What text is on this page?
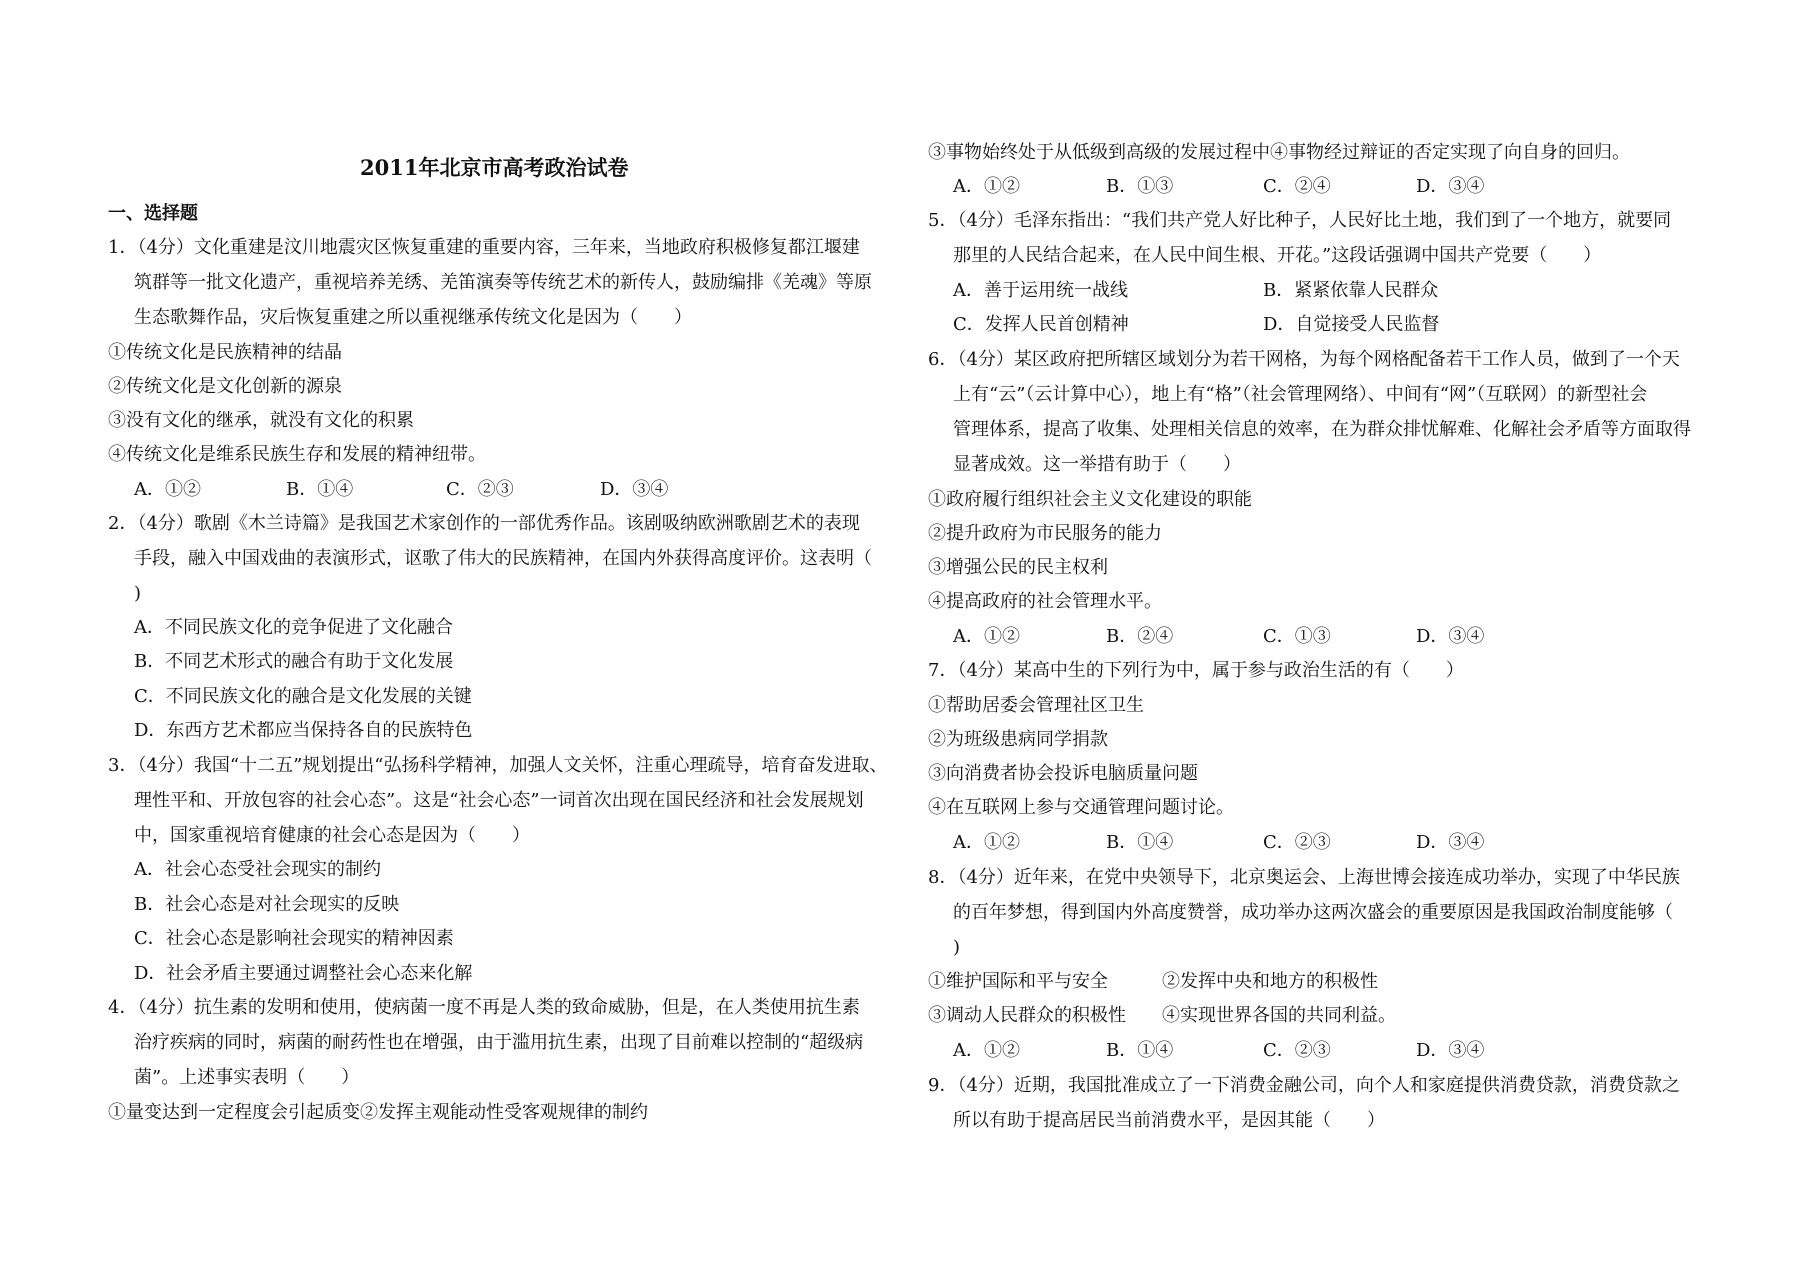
2011年北京市高考政治试卷
一、选择题
1．（4分）文化重建是汶川地震灾区恢复重建的重要内容，三年来，当地政府积极修复都江堰建
筑群等一批文化遗产，重视培养羌绣、羌笛演奏等传统艺术的新传人，鼓励编排《羌魂》等原
生态歌舞作品，灾后恢复重建之所以重视继承传统文化是因为（　　）
①传统文化是民族精神的结晶
②传统文化是文化创新的源泉
③没有文化的继承，就没有文化的积累
④传统文化是维系民族生存和发展的精神纽带。
A．①②	B．①④	C．②③	D．③④
2．（4分）歌剧《木兰诗篇》是我国艺术家创作的一部优秀作品。该剧吸纳欧洲歌剧艺术的表现
手段，融入中国戏曲的表演形式，讴歌了伟大的民族精神，在国内外获得高度评价。这表明（
)
A．不同民族文化的竞争促进了文化融合
B．不同艺术形式的融合有助于文化发展
C．不同民族文化的融合是文化发展的关键
D．东西方艺术都应当保持各自的民族特色
3．（4分）我国“十二五”规划提出“弘扬科学精神，加强人文关怀，注重心理疏导，培育奋发进取、
理性平和、开放包容的社会心态”。这是“社会心态”一词首次出现在国民经济和社会发展规划
中，国家重视培育健康的社会心态是因为（　　）
A．社会心态受社会现实的制约
B．社会心态是对社会现实的反映
C．社会心态是影响社会现实的精神因素
D．社会矛盾主要通过调整社会心态来化解
4．（4分）抗生素的发明和使用，使病菌一度不再是人类的致命威胁，但是，在人类使用抗生素
治疗疾病的同时，病菌的耐药性也在增强，由于滥用抗生素，出现了目前难以控制的“超级病
菌”。上述事实表明（　　）
①量变达到一定程度会引起质变②发挥主观能动性受客观规律的制约
③事物始终处于从低级到高级的发展过程中④事物经过辩证的否定实现了向自身的回归。
A．①②	B．①③	C．②④	D．③④
5．（4分）毛泽东指出：“我们共产党人好比种子，人民好比土地，我们到了一个地方，就要同
那里的人民结合起来，在人民中间生根、开花。”这段话强调中国共产党要（　　）
A．善于运用统一战线	B．紧紧依靠人民群众
C．发挥人民首创精神	D．自觉接受人民监督
6．（4分）某区政府把所辖区域划分为若干网格，为每个网格配备若干工作人员，做到了一个天
上有“云”（云计算中心），地上有“格”（社会管理网络）、中间有“网”（互联网）的新型社会
管理体系，提高了收集、处理相关信息的效率，在为群众排忧解难、化解社会矛盾等方面取得
显著成效。这一举措有助于（　　）
①政府履行组织社会主义文化建设的职能
②提升政府为市民服务的能力
③增强公民的民主权利
④提高政府的社会管理水平。
A．①②	B．②④	C．①③	D．③④
7．（4分）某高中生的下列行为中，属于参与政治生活的有（　　）
①帮助居委会管理社区卫生
②为班级患病同学捐款
③向消费者协会投诉电脑质量问题
④在互联网上参与交通管理问题讨论。
A．①②	B．①④	C．②③	D．③④
8．（4分）近年来，在党中央领导下，北京奥运会、上海世博会接连成功举办，实现了中华民族
的百年梦想，得到国内外高度赞誉，成功举办这两次盛会的重要原因是我国政治制度能够（
)
①维护国际和平与安全　　　②发挥中央和地方的积极性
③调动人民群众的积极性　　④实现世界各国的共同利益。
A．①②	B．①④	C．②③	D．③④
9．（4分）近期，我国批准成立了一下消费金融公司，向个人和家庭提供消费贷款，消费贷款之
所以有助于提高居民当前消费水平，是因其能（　　）
